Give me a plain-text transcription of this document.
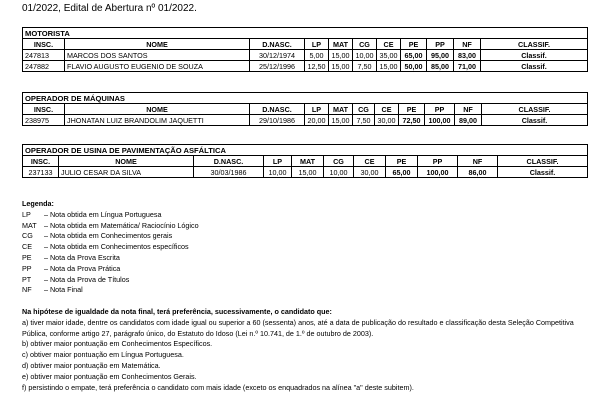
01/2022, Edital de Abertura nº 01/2022.
MOTORISTA										
INSC.	NOME	D.NASC.	LP	MAT	CG	CE	PE	PP	NF	CLASSIF.
247813	MARCOS DOS SANTOS	30/12/1974	5,00	15,00	10,00	35,00	65,00	95,00	83,00	Classif.
247882	FLAVIO AUGUSTO EUGENIO DE SOUZA	25/12/1996	12,50	15,00	7,50	15,00	50,00	85,00	71,00	Classif.
OPERADOR DE MÁQUINAS										
INSC.	NOME	D.NASC.	LP	MAT	CG	CE	PE	PP	NF	CLASSIF.
238975	JHONATAN LUIZ BRANDOLIM JAQUETTI	29/10/1986	20,00	15,00	7,50	30,00	72,50	100,00	89,00	Classif.
OPERADOR DE USINA DE PAVIMENTAÇÃO ASFÁLTICA										
INSC.	NOME	D.NASC.	LP	MAT	CG	CE	PE	PP	NF	CLASSIF.
237133	JULIO CESAR DA SILVA	30/03/1986	10,00	15,00	10,00	30,00	65,00	100,00	86,00	Classif.
Legenda:
LP – Nota obtida em Língua Portuguesa
MAT – Nota obtida em Matemática/ Raciocínio Lógico
CG – Nota obtida em Conhecimentos gerais
CE – Nota obtida em Conhecimentos específicos
PE – Nota da Prova Escrita
PP – Nota da Prova Prática
PT – Nota da Prova de Títulos
NF – Nota Final
Na hipótese de igualdade da nota final, terá preferência, sucessivamente, o candidato que:
a) tiver maior idade, dentre os candidatos com idade igual ou superior a 60 (sessenta) anos, até a data de publicação do resultado e classificação desta Seleção Competitiva Pública, conforme artigo 27, parágrafo único, do Estatuto do Idoso (Lei n.º 10.741, de 1.º de outubro de 2003).
b) obtiver maior pontuação em Conhecimentos Específicos.
c) obtiver maior pontuação em Língua Portuguesa.
d) obtiver maior pontuação em Matemática.
e) obtiver maior pontuação em Conhecimentos Gerais.
f) persistindo o empate, terá preferência o candidato com mais idade (exceto os enquadrados na alínea "a" deste subitem).
